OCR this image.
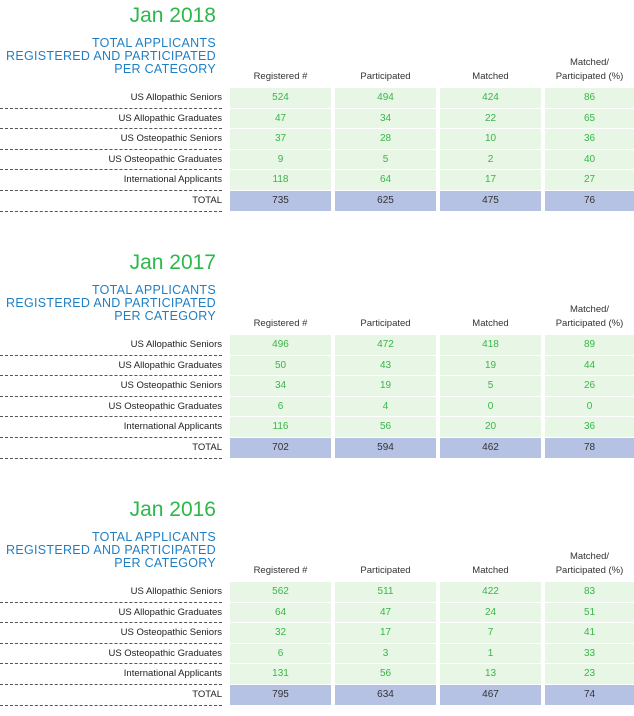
Jan 2018
TOTAL APPLICANTS
REGISTERED AND PARTICIPATED
PER CATEGORY
Registered #	Participated	Matched
Matched/
Participated (%)
US Allopathic Seniors	524	494	424	86
US Allopathic Graduates	47	34	22	65
US Osteopathic Seniors	37	28	10	36
US Osteopathic Graduates	9	5	2	40
International Applicants	118	64	17	27
TOTAL	735	625	475	76
Jan 2017
TOTAL APPLICANTS
REGISTERED AND PARTICIPATED
PER CATEGORY
Registered #	Participated	Matched
Matched/
Participated (%)
US Allopathic Seniors	496	472	418	89
US Allopathic Graduates	50	43	19	44
US Osteopathic Seniors	34	19	5	26
US Osteopathic Graduates	6	4	0	0
International Applicants	116	56	20	36
TOTAL	702	594	462	78
Jan 2016
TOTAL APPLICANTS
REGISTERED AND PARTICIPATED
PER CATEGORY
Registered #	Participated	Matched
Matched/
Participated (%)
US Allopathic Seniors	562	511	422	83
US Allopathic Graduates	64	47	24	51
US Osteopathic Seniors	32	17	7	41
US Osteopathic Graduates	6	3	1	33
International Applicants	131	56	13	23
TOTAL	795	634	467	74
